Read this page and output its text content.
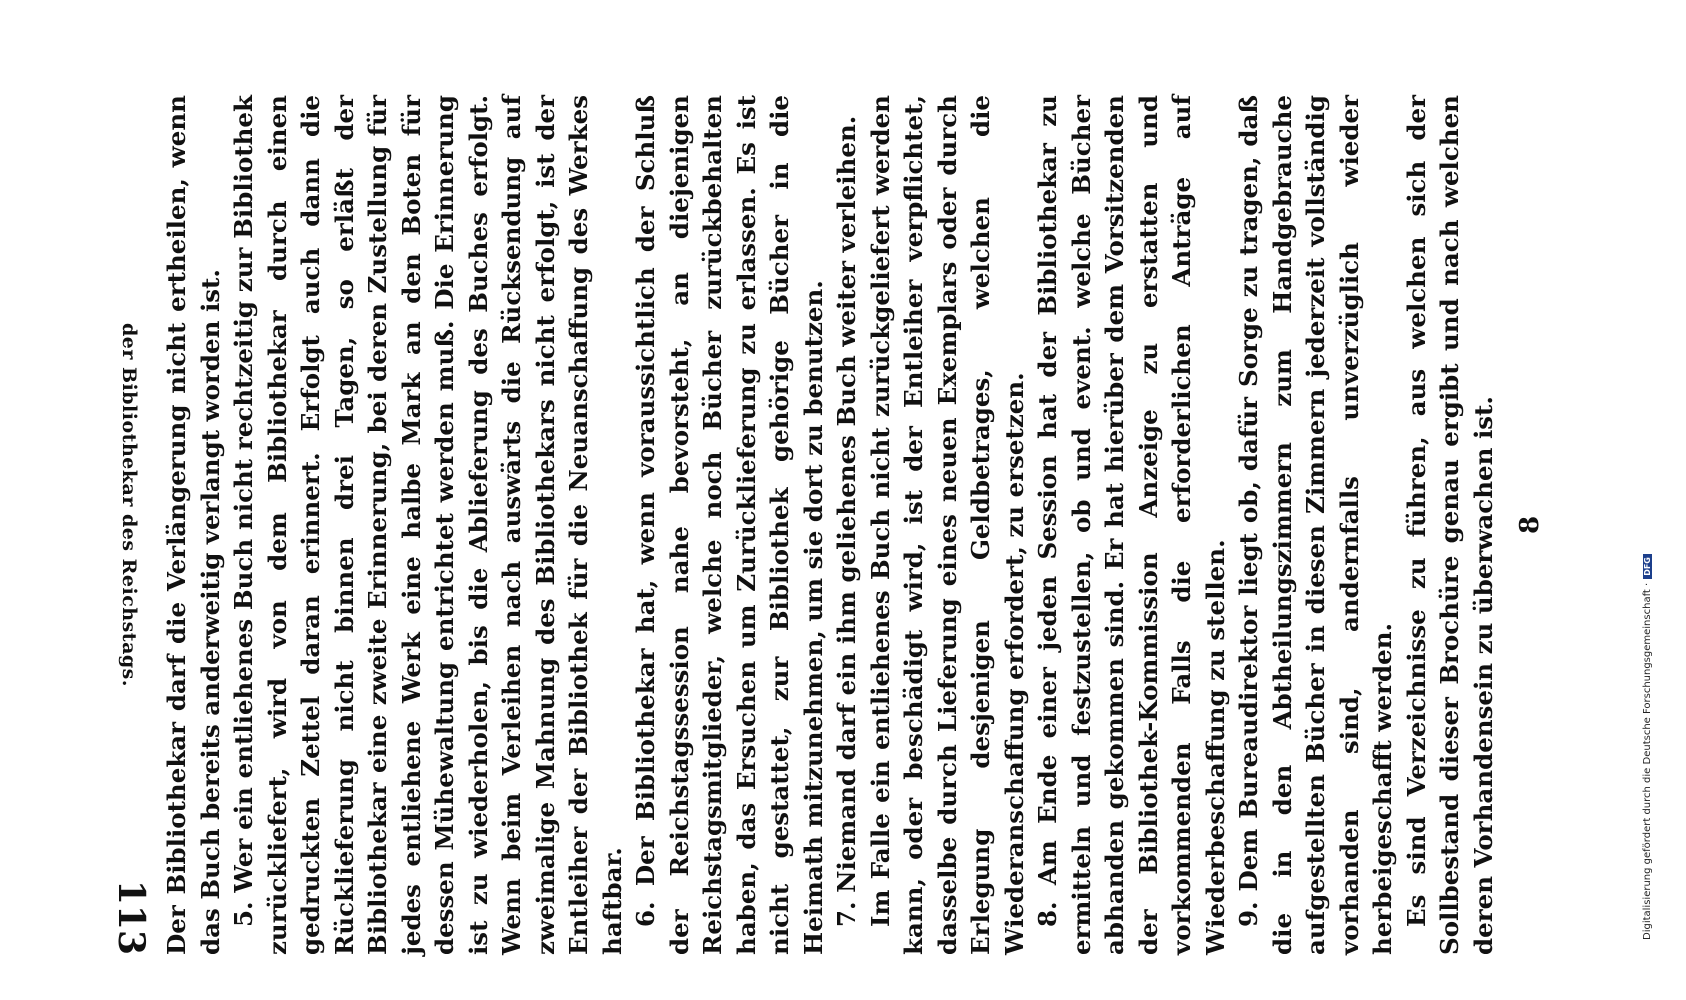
der Bibliothekar des Reichstags.
113 Der Bibliothekar darf die Verlängerung nicht ertheilen, wenn das Buch bereits anderweitig verlangt worden ist. 5. Wer ein entliehenes Buch nicht rechtzeitig zur Bibliothek zurückliefert, wird von dem Bibliothekar durch einen gedruckten Zettel daran erinnert. Erfolgt auch dann die Rücklieferung nicht binnen drei Tagen, so erläßt der Bibliothekar eine zweite Erinnerung, bei deren Zustellung für jedes entliehene Werk eine halbe Mark an den Boten für dessen Mühewaltung entrichtet werden muß. Die Erinnerung ist zu wiederholen, bis die Ablieferung des Buches erfolgt. Wenn beim Verleihen nach auswärts die Rücksendung auf zweimalige Mahnung des Bibliothekars nicht erfolgt, ist der Entleiher der Bibliothek für die Neuanschaffung des Werkes haftbar. 6. Der Bibliothekar hat, wenn voraussichtlich der Schluß der Reichstagssession nahe bevorsteht, an diejenigen Reichstagsmitglieder, welche noch Bücher zurückbehalten haben, das Ersuchen um Zurücklieferung zu erlassen. Es ist nicht gestattet, zur Bibliothek gehörige Bücher in die Heimath mitzunehmen, um sie dort zu benutzen. 7. Niemand darf ein ihm geliehenes Buch weiter verleihen. Im Falle ein entliehenes Buch nicht zurückgeliefert werden kann, oder beschädigt wird, ist der Entleiher verpflichtet, dasselbe durch Lieferung eines neuen Exemplars oder durch Erlegung desjenigen Geldbetrages, welchen die Wiederanschaffung erfordert, zu ersetzen. 8. Am Ende einer jeden Session hat der Bibliothekar zu ermitteln und festzustellen, ob und event. welche Bücher abhanden gekommen sind. Er hat hierüber dem Vorsitzenden der Bibliothek-Kommission Anzeige zu erstatten und vorkommenden Falls die erforderlichen Anträge auf Wiederbeschaffung zu stellen. 9. Dem Bureaudirektor liegt ob, dafür Sorge zu tragen, daß die in den Abtheilungszimmern zum Handgebrauche aufgestellten Bücher in diesen Zimmern jederzeit vollständig vorhanden sind, andernfalls unverzüglich wieder herbeigeschafft werden. Es sind Verzeichnisse zu führen, aus welchen sich der Sollbestand dieser Brochüre genau ergibt und nach welchen deren Vorhandensein zu überwachen ist. 8
Digitalisierung gefördert durch die Deutsche Forschungsgemeinschaft ·DFG
